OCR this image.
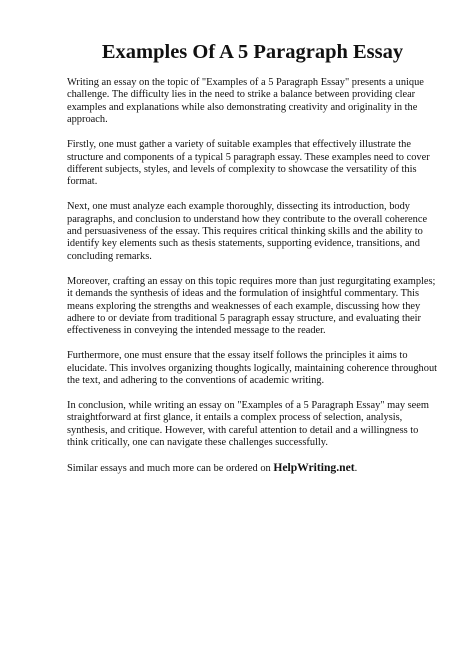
Examples Of A 5 Paragraph Essay

Writing an essay on the topic of "Examples of a 5 Paragraph Essay" presents a unique challenge. The difficulty lies in the need to strike a balance between providing clear examples and explanations while also demonstrating creativity and originality in the approach.

Firstly, one must gather a variety of suitable examples that effectively illustrate the structure and components of a typical 5 paragraph essay. These examples need to cover different subjects, styles, and levels of complexity to showcase the versatility of this format.

Next, one must analyze each example thoroughly, dissecting its introduction, body paragraphs, and conclusion to understand how they contribute to the overall coherence and persuasiveness of the essay. This requires critical thinking skills and the ability to identify key elements such as thesis statements, supporting evidence, transitions, and concluding remarks.

Moreover, crafting an essay on this topic requires more than just regurgitating examples; it demands the synthesis of ideas and the formulation of insightful commentary. This means exploring the strengths and weaknesses of each example, discussing how they adhere to or deviate from traditional 5 paragraph essay structure, and evaluating their effectiveness in conveying the intended message to the reader.

Furthermore, one must ensure that the essay itself follows the principles it aims to elucidate. This involves organizing thoughts logically, maintaining coherence throughout the text, and adhering to the conventions of academic writing.

In conclusion, while writing an essay on "Examples of a 5 Paragraph Essay" may seem straightforward at first glance, it entails a complex process of selection, analysis, synthesis, and critique. However, with careful attention to detail and a willingness to think critically, one can navigate these challenges successfully.

Similar essays and much more can be ordered on HelpWriting.net.
